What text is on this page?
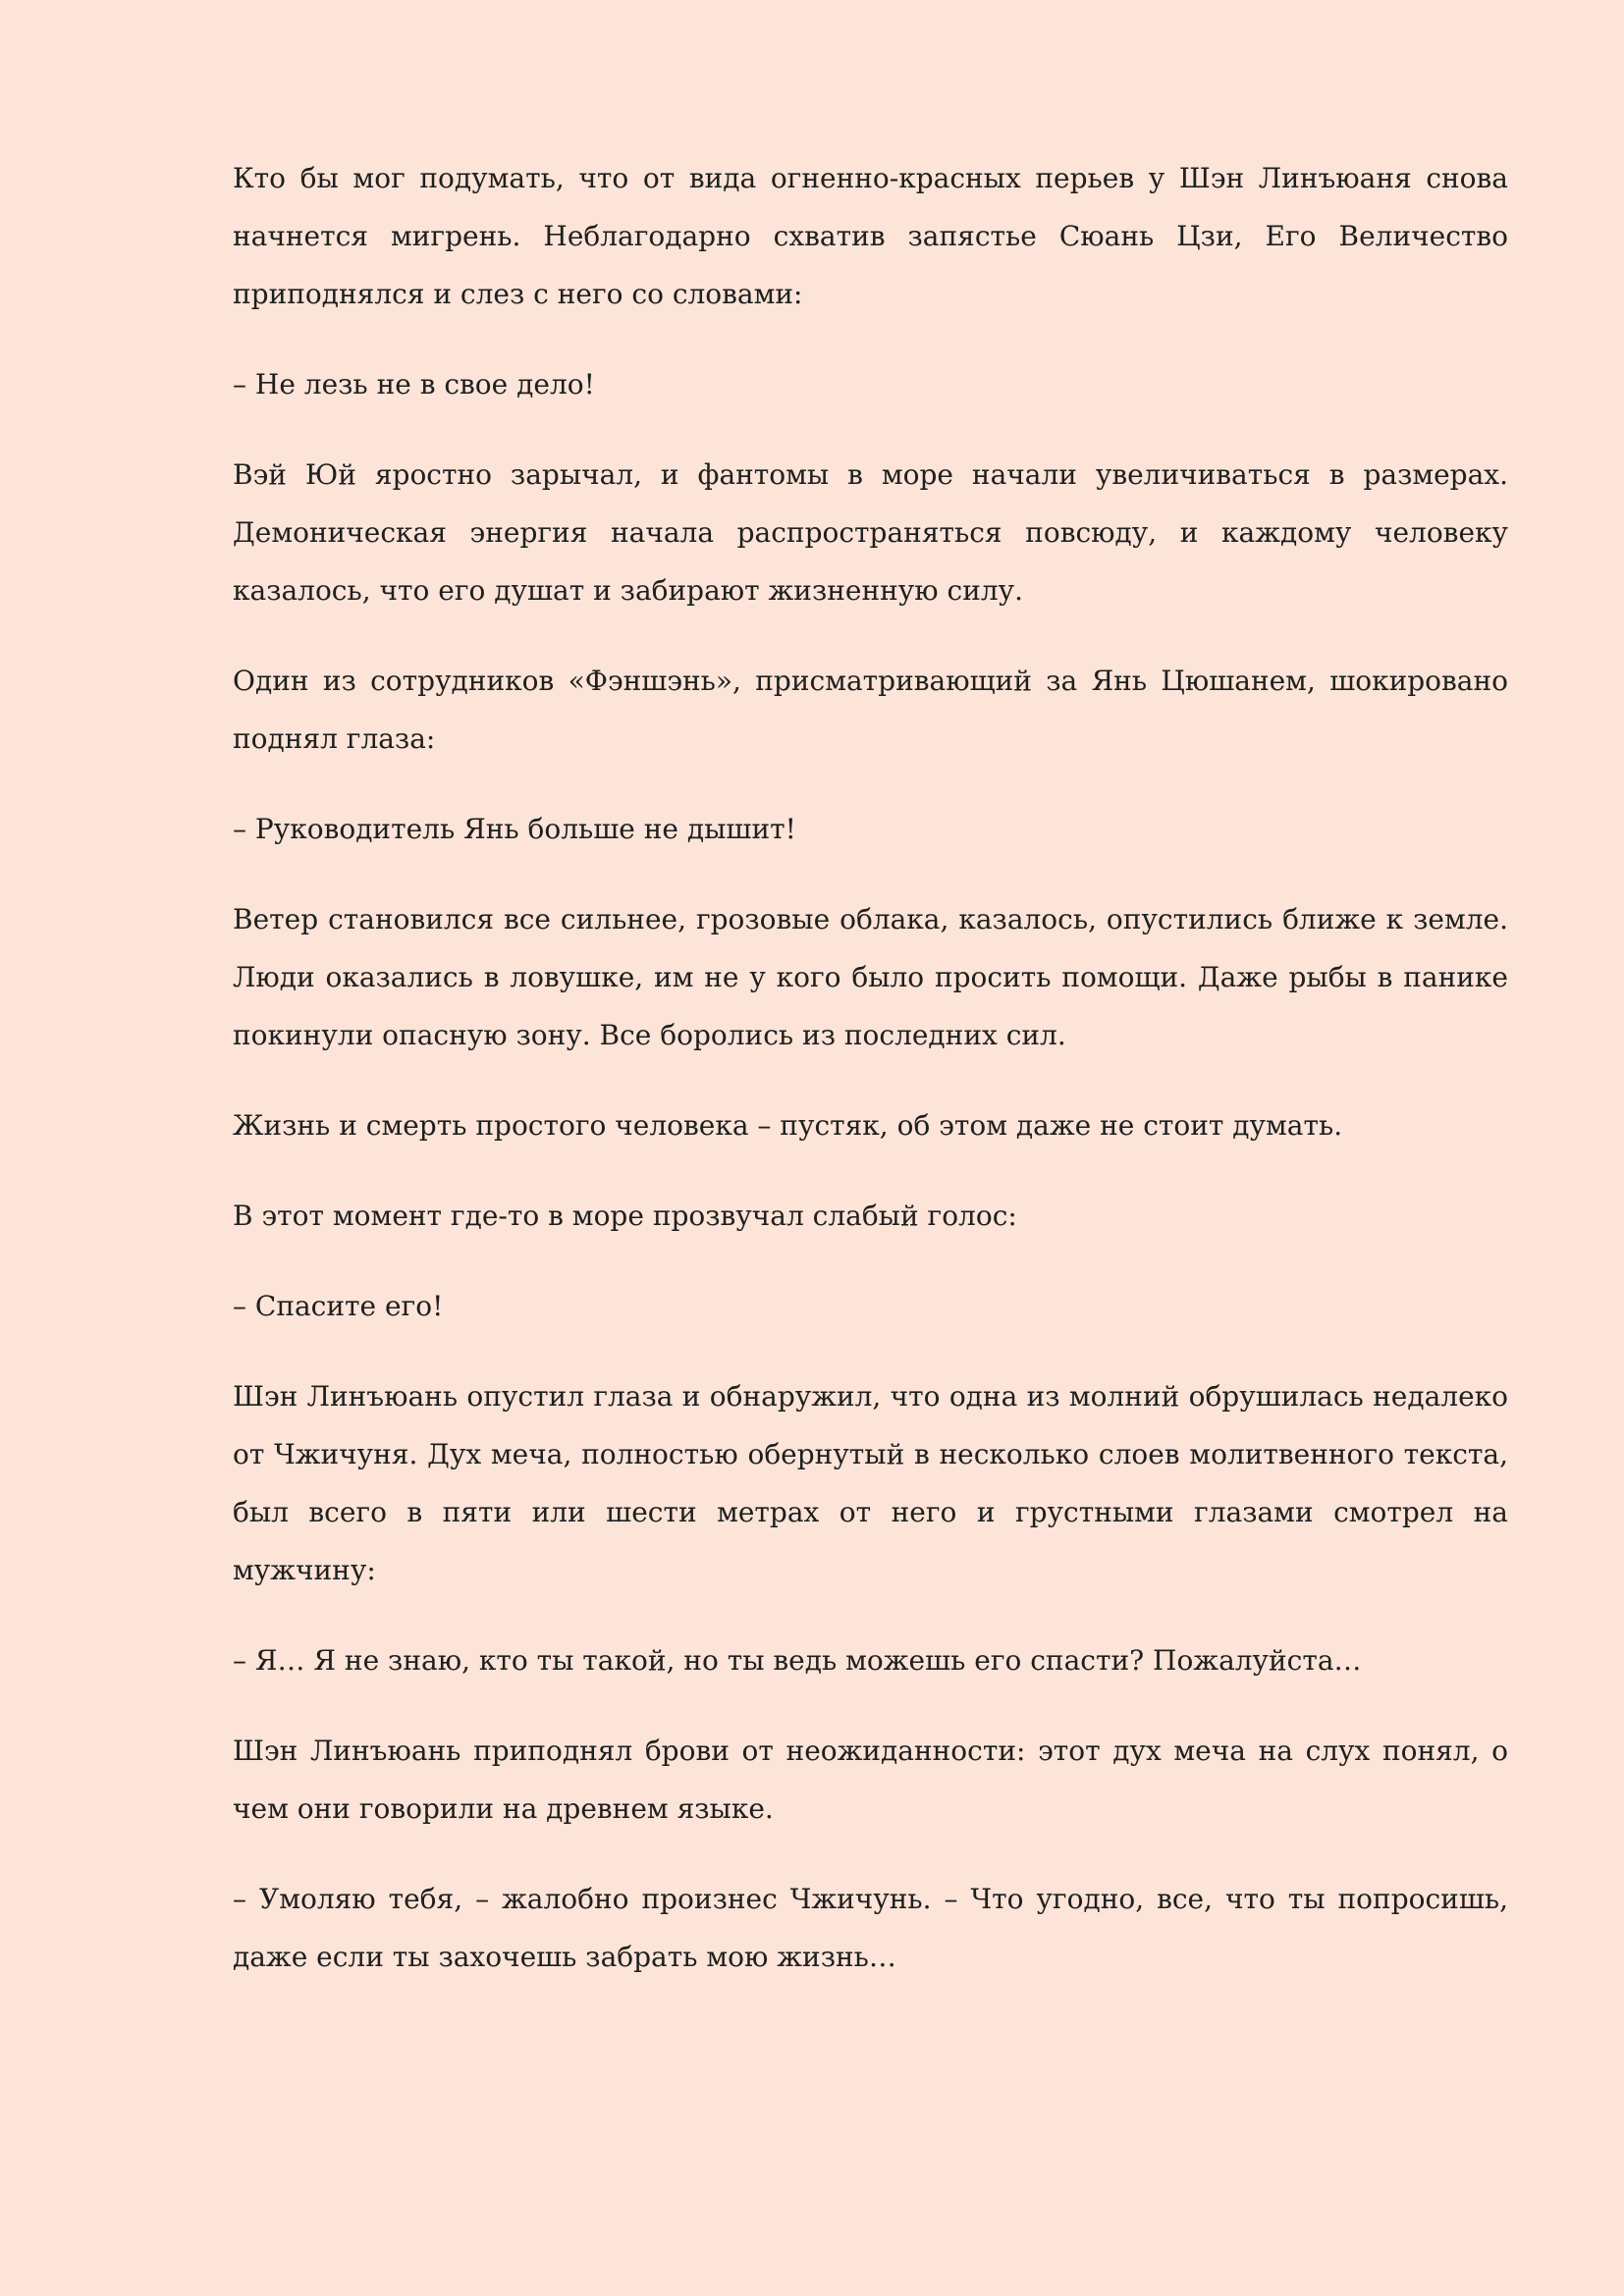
Кто бы мог подумать, что от вида огненно-красных перьев у Шэн Линъюаня снова начнется мигрень. Неблагодарно схватив запястье Сюань Цзи, Его Величество приподнялся и слез с него со словами:

– Не лезь не в свое дело!

Вэй Юй яростно зарычал, и фантомы в море начали увеличиваться в размерах. Демоническая энергия начала распространяться повсюду, и каждому человеку казалось, что его душат и забирают жизненную силу.

Один из сотрудников «Фэншэнь», присматривающий за Янь Цюшанем, шокировано поднял глаза:

– Руководитель Янь больше не дышит!

Ветер становился все сильнее, грозовые облака, казалось, опустились ближе к земле. Люди оказались в ловушке, им не у кого было просить помощи. Даже рыбы в панике покинули опасную зону. Все боролись из последних сил.

Жизнь и смерть простого человека – пустяк, об этом даже не стоит думать.

В этот момент где-то в море прозвучал слабый голос:

– Спасите его!

Шэн Линъюань опустил глаза и обнаружил, что одна из молний обрушилась недалеко от Чжичуня. Дух меча, полностью обернутый в несколько слоев молитвенного текста, был всего в пяти или шести метрах от него и грустными глазами смотрел на мужчину:

– Я… Я не знаю, кто ты такой, но ты ведь можешь его спасти? Пожалуйста…

Шэн Линъюань приподнял брови от неожиданности: этот дух меча на слух понял, о чем они говорили на древнем языке.

– Умоляю тебя, – жалобно произнес Чжичунь. – Что угодно, все, что ты попросишь, даже если ты захочешь забрать мою жизнь…
